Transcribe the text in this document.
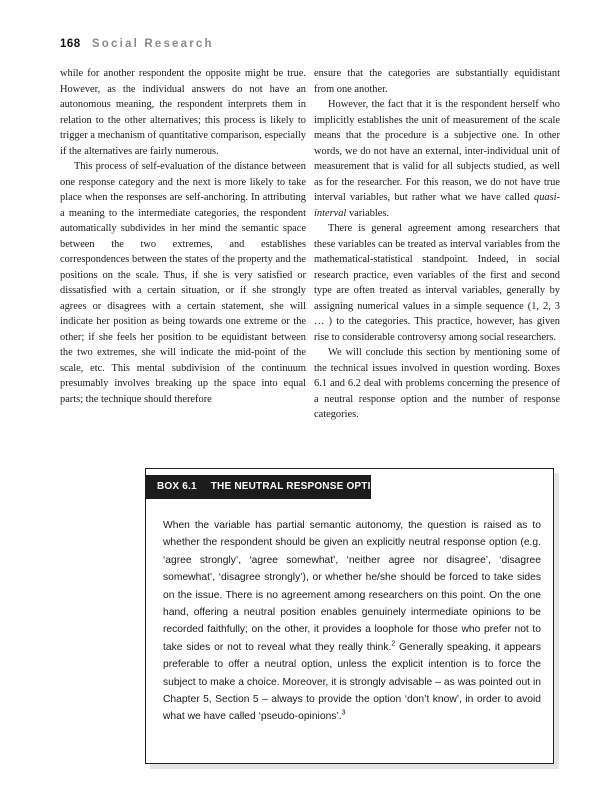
168 Social Research

while for another respondent the opposite might be true. However, as the individual answers do not have an autonomous meaning, the respondent interprets them in relation to the other alternatives; this process is likely to trigger a mechanism of quantitative comparison, especially if the alternatives are fairly numerous.

This process of self-evaluation of the distance between one response category and the next is more likely to take place when the responses are self-anchoring. In attributing a meaning to the intermediate categories, the respondent automatically subdivides in her mind the semantic space between the two extremes, and establishes correspondences between the states of the property and the positions on the scale. Thus, if she is very satisfied or dissatisfied with a certain situation, or if she strongly agrees or disagrees with a certain statement, she will indicate her position as being towards one extreme or the other; if she feels her position to be equidistant between the two extremes, she will indicate the mid-point of the scale, etc. This mental subdivision of the continuum presumably involves breaking up the space into equal parts; the technique should therefore

ensure that the categories are substantially equidistant from one another.

However, the fact that it is the respondent herself who implicitly establishes the unit of measurement of the scale means that the procedure is a subjective one. In other words, we do not have an external, inter-individual unit of measurement that is valid for all subjects studied, as well as for the researcher. For this reason, we do not have true interval variables, but rather what we have called quasi-interval variables.

There is general agreement among researchers that these variables can be treated as interval variables from the mathematical-statistical standpoint. Indeed, in social research practice, even variables of the first and second type are often treated as interval variables, generally by assigning numerical values in a simple sequence (1, 2, 3 … ) to the categories. This practice, however, has given rise to considerable controversy among social researchers.

We will conclude this section by mentioning some of the technical issues involved in question wording. Boxes 6.1 and 6.2 deal with problems concerning the presence of a neutral response option and the number of response categories.

BOX 6.1 THE NEUTRAL RESPONSE OPTION

When the variable has partial semantic autonomy, the question is raised as to whether the respondent should be given an explicitly neutral response option (e.g. ‘agree strongly’, ‘agree somewhat’, ‘neither agree nor disagree’, ‘disagree somewhat’, ‘disagree strongly’), or whether he/she should be forced to take sides on the issue. There is no agreement among researchers on this point. On the one hand, offering a neutral position enables genuinely intermediate opinions to be recorded faithfully; on the other, it provides a loophole for those who prefer not to take sides or not to reveal what they really think.$^2$ Generally speaking, it appears preferable to offer a neutral option, unless the explicit intention is to force the subject to make a choice. Moreover, it is strongly advisable – as was pointed out in Chapter 5, Section 5 – always to provide the option ‘don’t know’, in order to avoid what we have called ‘pseudo-opinions’.$^3$
